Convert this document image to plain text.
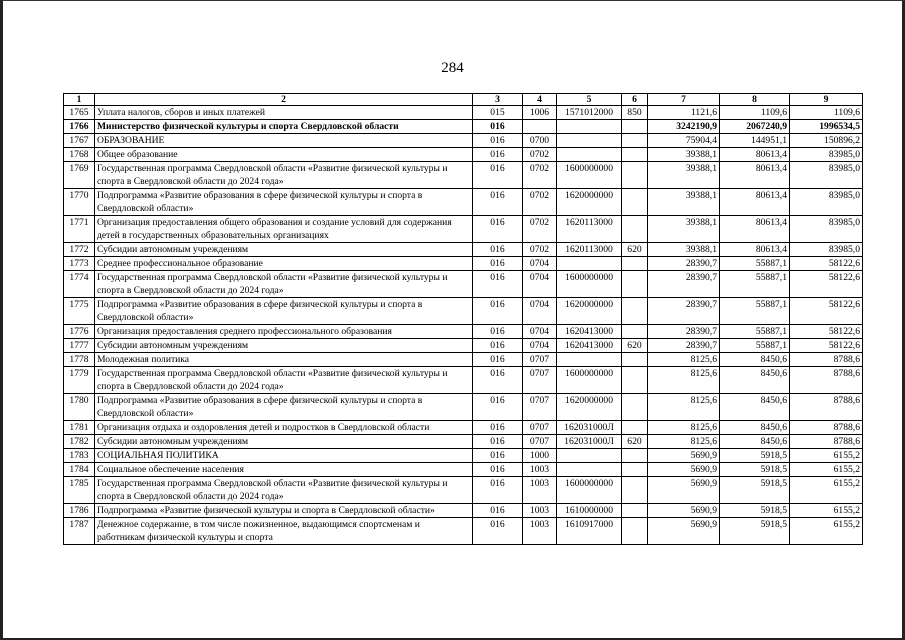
284
1	2	3	4	5	6	7	8	9
1765	Уплата налогов, сборов и иных платежей	015	1006	1571012000	850	1121,6	1109,6	1109,6
1766	Министерство физической культуры и спорта Свердловской области	016				3242190,9	2067240,9	1996534,5
1767	ОБРАЗОВАНИЕ	016	0700			75904,4	144951,1	150896,2
1768	Общее образование	016	0702			39388,1	80613,4	83985,0
1769	Государственная программа Свердловской области «Развитие физической культуры и спорта в Свердловской области до 2024 года»	016	0702	1600000000		39388,1	80613,4	83985,0
1770	Подпрограмма «Развитие образования в сфере физической культуры и спорта в Свердловской области»	016	0702	1620000000		39388,1	80613,4	83985,0
1771	Организация предоставления общего образования и создание условий для содержания детей в государственных образовательных организациях	016	0702	1620113000		39388,1	80613,4	83985,0
1772	Субсидии автономным учреждениям	016	0702	1620113000	620	39388,1	80613,4	83985,0
1773	Среднее профессиональное образование	016	0704			28390,7	55887,1	58122,6
1774	Государственная программа Свердловской области «Развитие физической культуры и спорта в Свердловской области до 2024 года»	016	0704	1600000000		28390,7	55887,1	58122,6
1775	Подпрограмма «Развитие образования в сфере физической культуры и спорта в Свердловской области»	016	0704	1620000000		28390,7	55887,1	58122,6
1776	Организация предоставления среднего профессионального образования	016	0704	1620413000		28390,7	55887,1	58122,6
1777	Субсидии автономным учреждениям	016	0704	1620413000	620	28390,7	55887,1	58122,6
1778	Молодежная политика	016	0707			8125,6	8450,6	8788,6
1779	Государственная программа Свердловской области «Развитие физической культуры и спорта в Свердловской области до 2024 года»	016	0707	1600000000		8125,6	8450,6	8788,6
1780	Подпрограмма «Развитие образования в сфере физической культуры и спорта в Свердловской области»	016	0707	1620000000		8125,6	8450,6	8788,6
1781	Организация отдыха и оздоровления детей и подростков в Свердловской области	016	0707	162031000Л		8125,6	8450,6	8788,6
1782	Субсидии автономным учреждениям	016	0707	162031000Л	620	8125,6	8450,6	8788,6
1783	СОЦИАЛЬНАЯ ПОЛИТИКА	016	1000			5690,9	5918,5	6155,2
1784	Социальное обеспечение населения	016	1003			5690,9	5918,5	6155,2
1785	Государственная программа Свердловской области «Развитие физической культуры и спорта в Свердловской области до 2024 года»	016	1003	1600000000		5690,9	5918,5	6155,2
1786	Подпрограмма «Развитие физической культуры и спорта в Свердловской области»	016	1003	1610000000		5690,9	5918,5	6155,2
1787	Денежное содержание, в том числе пожизненное, выдающимся спортсменам и работникам физической культуры и спорта	016	1003	1610917000		5690,9	5918,5	6155,2
